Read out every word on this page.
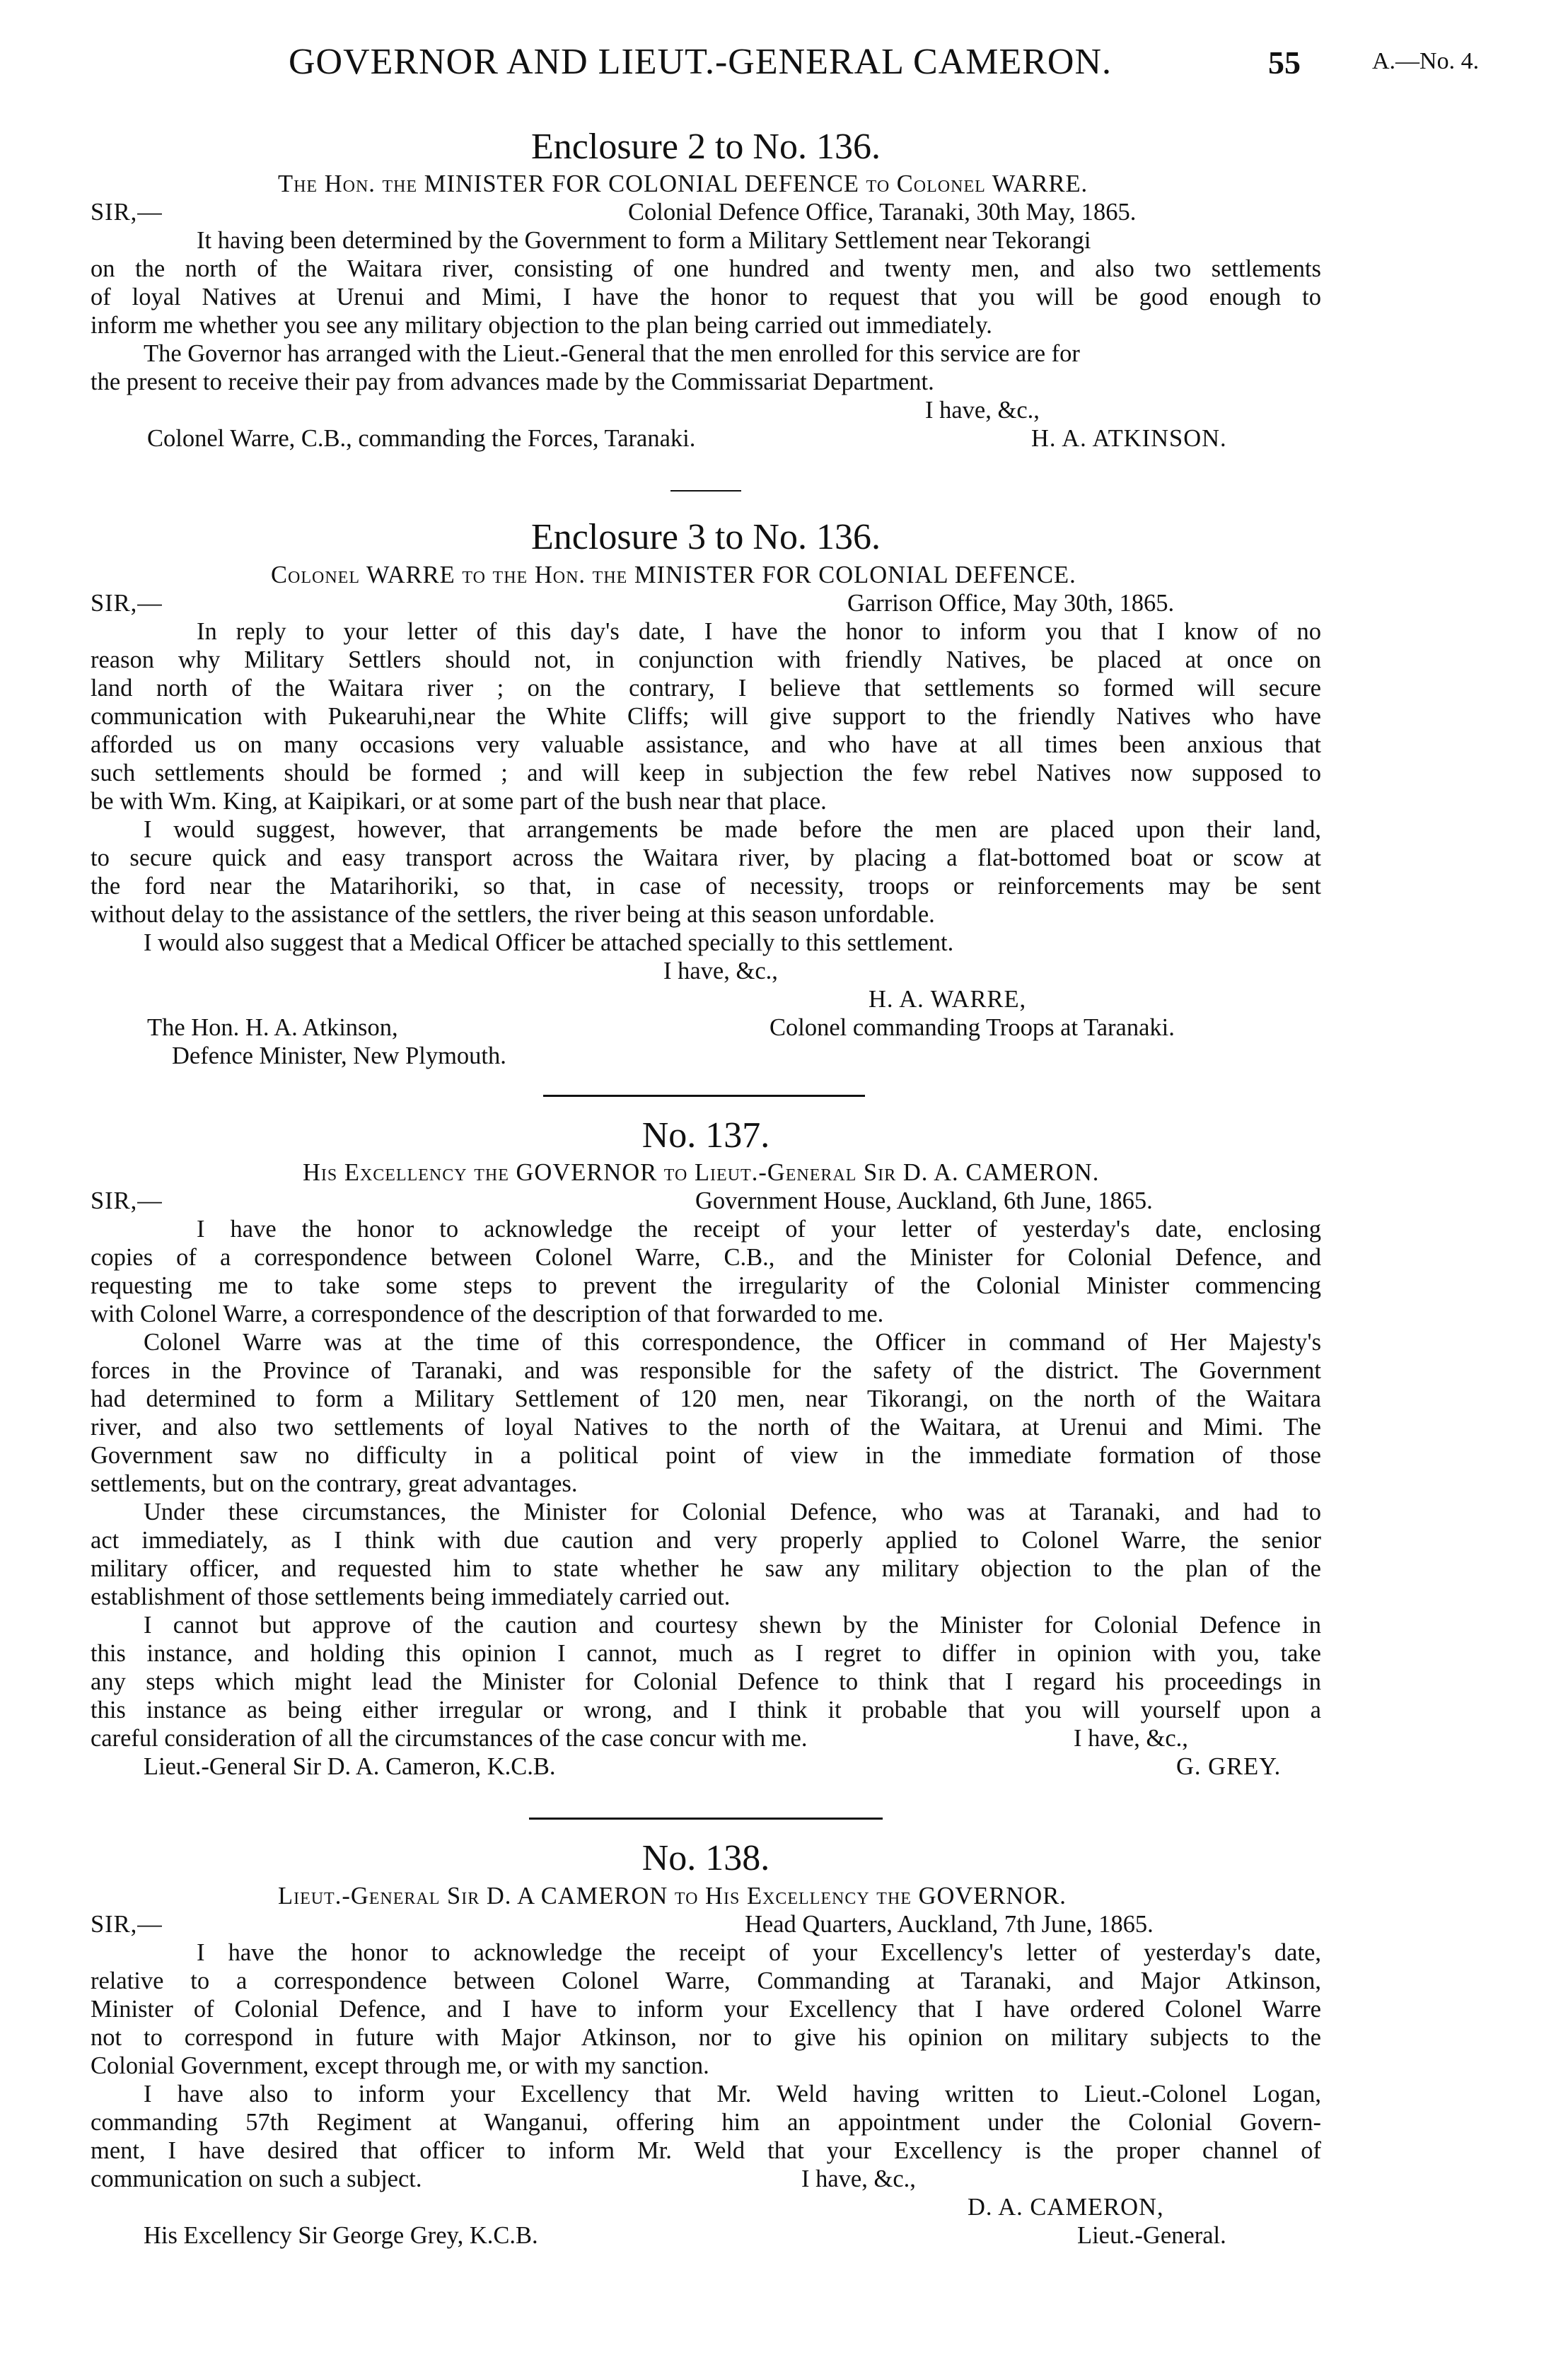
GOVERNOR AND LIEUT.-GENERAL CAMERON.	55	A.—No. 4.
Enclosure 2 to No. 136.
The Hon. the MINISTER FOR COLONIAL DEFENCE to Colonel WARRE.
SIR,—	Colonial Defence Office, Taranaki, 30th May, 1865.
It having been determined by the Government to form a Military Settlement near Tekorangi
on the north of the Waitara river, consisting of one hundred and twenty men, and also two settlements
of loyal Natives at Urenui and Mimi, I have the honor to request that you will be good enough to
inform me whether you see any military objection to the plan being carried out immediately.
The Governor has arranged with the Lieut.-General that the men enrolled for this service are for
the present to receive their pay from advances made by the Commissariat Department.
I have, &c.,
Colonel Warre, C.B., commanding the Forces, Taranaki.	H. A. ATKINSON.
Enclosure 3 to No. 136.
Colonel WARRE to the Hon. the MINISTER FOR COLONIAL DEFENCE.
SIR,—	Garrison Office, May 30th, 1865.
In reply to your letter of this day's date, I have the honor to inform you that I know of no
reason why Military Settlers should not, in conjunction with friendly Natives, be placed at once on
land north of the Waitara river ; on the contrary, I believe that settlements so formed will secure
communication with Pukearuhi,near the White Cliffs; will give support to the friendly Natives who have
afforded us on many occasions very valuable assistance, and who have at all times been anxious that
such settlements should be formed ; and will keep in subjection the few rebel Natives now supposed to
be with Wm. King, at Kaipikari, or at some part of the bush near that place.
I would suggest, however, that arrangements be made before the men are placed upon their land,
to secure quick and easy transport across the Waitara river, by placing a flat-bottomed boat or scow at
the ford near the Matarihoriki, so that, in case of necessity, troops or reinforcements may be sent
without delay to the assistance of the settlers, the river being at this season unfordable.
I would also suggest that a Medical Officer be attached specially to this settlement.
I have, &c.,
H. A. WARRE,
The Hon. H. A. Atkinson,	Colonel commanding Troops at Taranaki.
Defence Minister, New Plymouth.
No. 137.
His Excellency the GOVERNOR to Lieut.-General Sir D. A. CAMERON.
SIR,—	Government House, Auckland, 6th June, 1865.
I have the honor to acknowledge the receipt of your letter of yesterday's date, enclosing
copies of a correspondence between Colonel Warre, C.B., and the Minister for Colonial Defence, and
requesting me to take some steps to prevent the irregularity of the Colonial Minister commencing
with Colonel Warre, a correspondence of the description of that forwarded to me.
Colonel Warre was at the time of this correspondence, the Officer in command of Her Majesty's
forces in the Province of Taranaki, and was responsible for the safety of the district. The Government
had determined to form a Military Settlement of 120 men, near Tikorangi, on the north of the Waitara
river, and also two settlements of loyal Natives to the north of the Waitara, at Urenui and Mimi. The
Government saw no difficulty in a political point of view in the immediate formation of those
settlements, but on the contrary, great advantages.
Under these circumstances, the Minister for Colonial Defence, who was at Taranaki, and had to
act immediately, as I think with due caution and very properly applied to Colonel Warre, the senior
military officer, and requested him to state whether he saw any military objection to the plan of the
establishment of those settlements being immediately carried out.
I cannot but approve of the caution and courtesy shewn by the Minister for Colonial Defence in
this instance, and holding this opinion I cannot, much as I regret to differ in opinion with you, take
any steps which might lead the Minister for Colonial Defence to think that I regard his proceedings in
this instance as being either irregular or wrong, and I think it probable that you will yourself upon a
careful consideration of all the circumstances of the case concur with me.	I have, &c.,
Lieut.-General Sir D. A. Cameron, K.C.B.	G. GREY.
No. 138.
Lieut.-General Sir D. A CAMERON to His Excellency the GOVERNOR.
SIR,—	Head Quarters, Auckland, 7th June, 1865.
I have the honor to acknowledge the receipt of your Excellency's letter of yesterday's date,
relative to a correspondence between Colonel Warre, Commanding at Taranaki, and Major Atkinson,
Minister of Colonial Defence, and I have to inform your Excellency that I have ordered Colonel Warre
not to correspond in future with Major Atkinson, nor to give his opinion on military subjects to the
Colonial Government, except through me, or with my sanction.
I have also to inform your Excellency that Mr. Weld having written to Lieut.-Colonel Logan,
commanding 57th Regiment at Wanganui, offering him an appointment under the Colonial Govern-
ment, I have desired that officer to inform Mr. Weld that your Excellency is the proper channel of
communication on such a subject.	I have, &c.,
D. A. CAMERON,
His Excellency Sir George Grey, K.C.B.	Lieut.-General.
